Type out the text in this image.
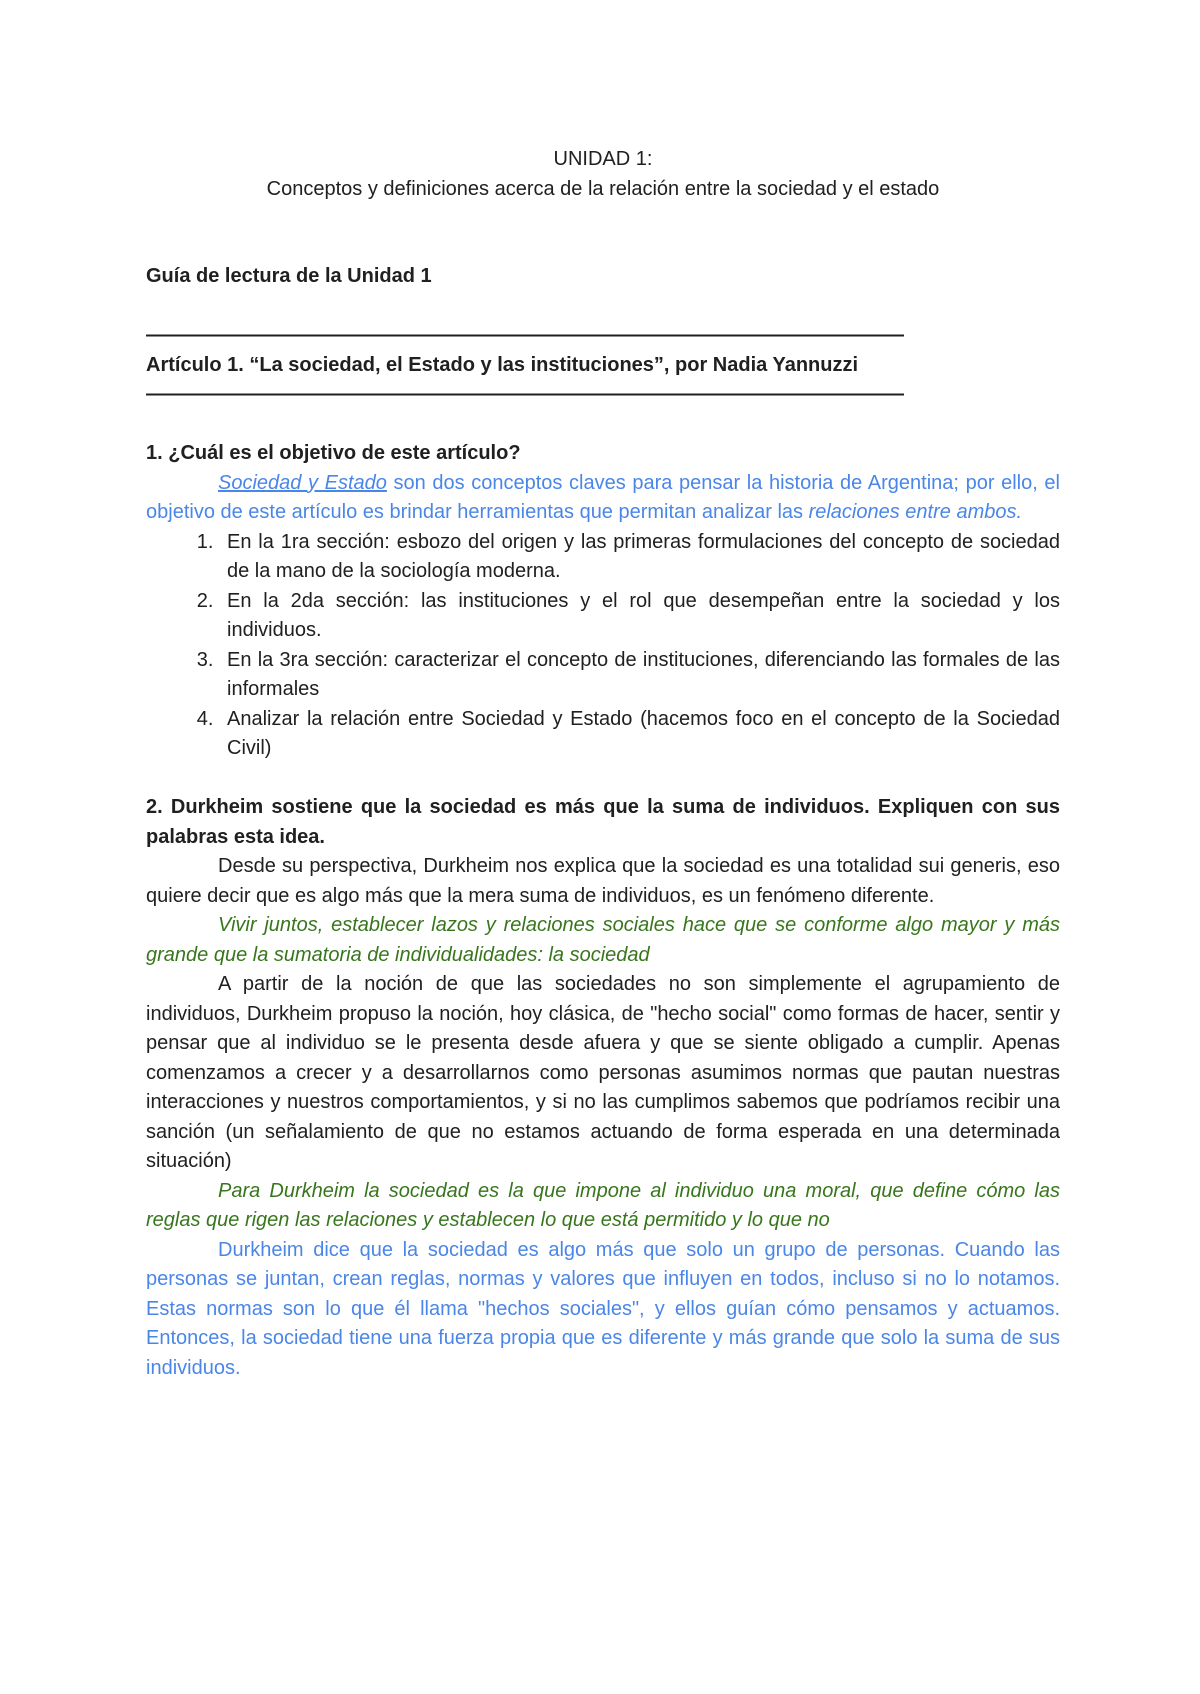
UNIDAD 1:

Conceptos y definiciones acerca de la relación entre la sociedad y el estado

Guía de lectura de la Unidad 1

——————————————————————————————————————————

Artículo 1. “La sociedad, el Estado y las instituciones”, por Nadia Yannuzzi

——————————————————————————————————————————

1. ¿Cuál es el objetivo de este artículo?

Sociedad y Estado son dos conceptos claves para pensar la historia de Argentina; por ello, el objetivo de este artículo es brindar herramientas que permitan analizar las relaciones entre ambos.

1. En la 1ra sección: esbozo del origen y las primeras formulaciones del concepto de sociedad de la mano de la sociología moderna.
2. En la 2da sección: las instituciones y el rol que desempeñan entre la sociedad y los individuos.
3. En la 3ra sección: caracterizar el concepto de instituciones, diferenciando las formales de las informales
4. Analizar la relación entre Sociedad y Estado (hacemos foco en el concepto de la Sociedad Civil)

2. Durkheim sostiene que la sociedad es más que la suma de individuos. Expliquen con sus palabras esta idea.

Desde su perspectiva, Durkheim nos explica que la sociedad es una totalidad sui generis, eso quiere decir que es algo más que la mera suma de individuos, es un fenómeno diferente.

Vivir juntos, establecer lazos y relaciones sociales hace que se conforme algo mayor y más grande que la sumatoria de individualidades: la sociedad

A partir de la noción de que las sociedades no son simplemente el agrupamiento de individuos, Durkheim propuso la noción, hoy clásica, de "hecho social" como formas de hacer, sentir y pensar que al individuo se le presenta desde afuera y que se siente obligado a cumplir. Apenas comenzamos a crecer y a desarrollarnos como personas asumimos normas que pautan nuestras interacciones y nuestros comportamientos, y si no las cumplimos sabemos que podríamos recibir una sanción (un señalamiento de que no estamos actuando de forma esperada en una determinada situación)

Para Durkheim la sociedad es la que impone al individuo una moral, que define cómo las reglas que rigen las relaciones y establecen lo que está permitido y lo que no

Durkheim dice que la sociedad es algo más que solo un grupo de personas. Cuando las personas se juntan, crean reglas, normas y valores que influyen en todos, incluso si no lo notamos. Estas normas son lo que él llama "hechos sociales", y ellos guían cómo pensamos y actuamos. Entonces, la sociedad tiene una fuerza propia que es diferente y más grande que solo la suma de sus individuos.
